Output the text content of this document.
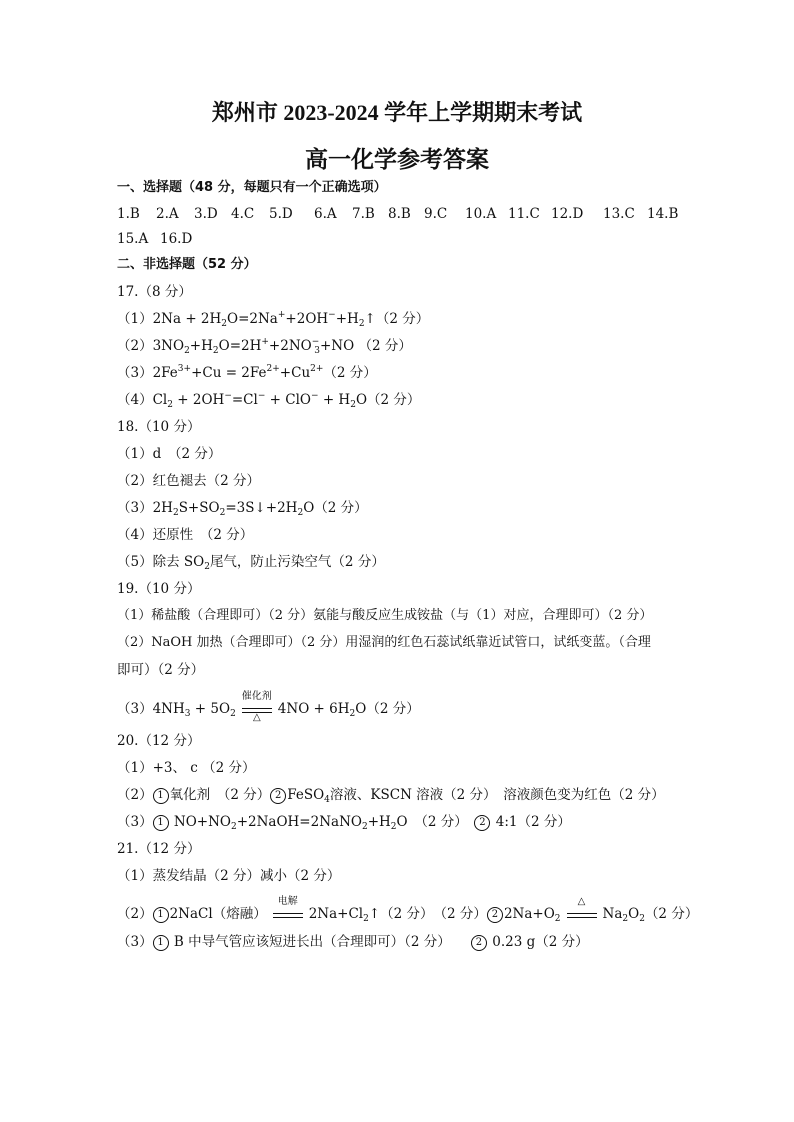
郑州市 2023-2024 学年上学期期末考试
高一化学参考答案
一、选择题（48 分，每题只有一个正确选项）
1.B 2.A 3.D 4.C 5.D 6.A 7.B 8.B 9.C 10.A 11.C 12.D 13.C 14.B
15.A 16.D
二、非选择题（52 分）
17.（8 分）
$(1)2Na + 2H_2O=2Na^++2OH^-+H_2↑(2$ 分）
$(2)3NO_2+H_2O=2H^++2NO^-_3+NO$ （2 分）
$(3)2Fe^{3+}+Cu = 2Fe^{2+}+Cu^{2+}(2$ 分）
$(4)Cl_2 + 2OH^-=Cl^- + ClO^- + H_2O(2$ 分）
18.（10 分）
（1）d　（2 分）
（2）红色褪去（2 分）
$(3)2H_2S+SO_2=3S↓+2H_2O(2$ 分）
（4）还原性　（2 分）
（5）除去 $SO_2$尾气，防止污染空气（2 分）
19.（10 分）
（1）稀盐酸（合理即可）（2 分）氨能与酸反应生成铵盐（与（1）对应，合理即可）（2 分）
（2）NaOH 加热（合理即可）（2 分）用湿润的红色石蕊试纸靠近试管口，试纸变蓝。（合理
即可）（2 分）
$(3)4NH_3 + 5O_2$
催化剂
△	$4NO + 6H_2O(2$ 分）
20.（12 分）
（1）+3、 c （2 分）
（2） 1 氧化剂　（2 分） 2 FeSO$_4$溶液、KSCN 溶液（2 分）　溶液颜色变为红色（2 分）
（3） 1 $NO+NO_2+2NaOH=2NaNO_2+H_2O$　（2 分）　 2 4:1（2 分）
21.（12 分）
（1）蒸发结晶（2 分）减小（2 分）
（2） 1 2NaCl（熔融）
电解
$2Na+Cl_2↑(2$ 分）　（2 分） 2 $2Na+O_2$
△
$Na_2O_2(2$ 分）
（3） 1 B 中导气管应该短进长出（合理即可）（2 分）　　	2 0.23 g（2 分）
